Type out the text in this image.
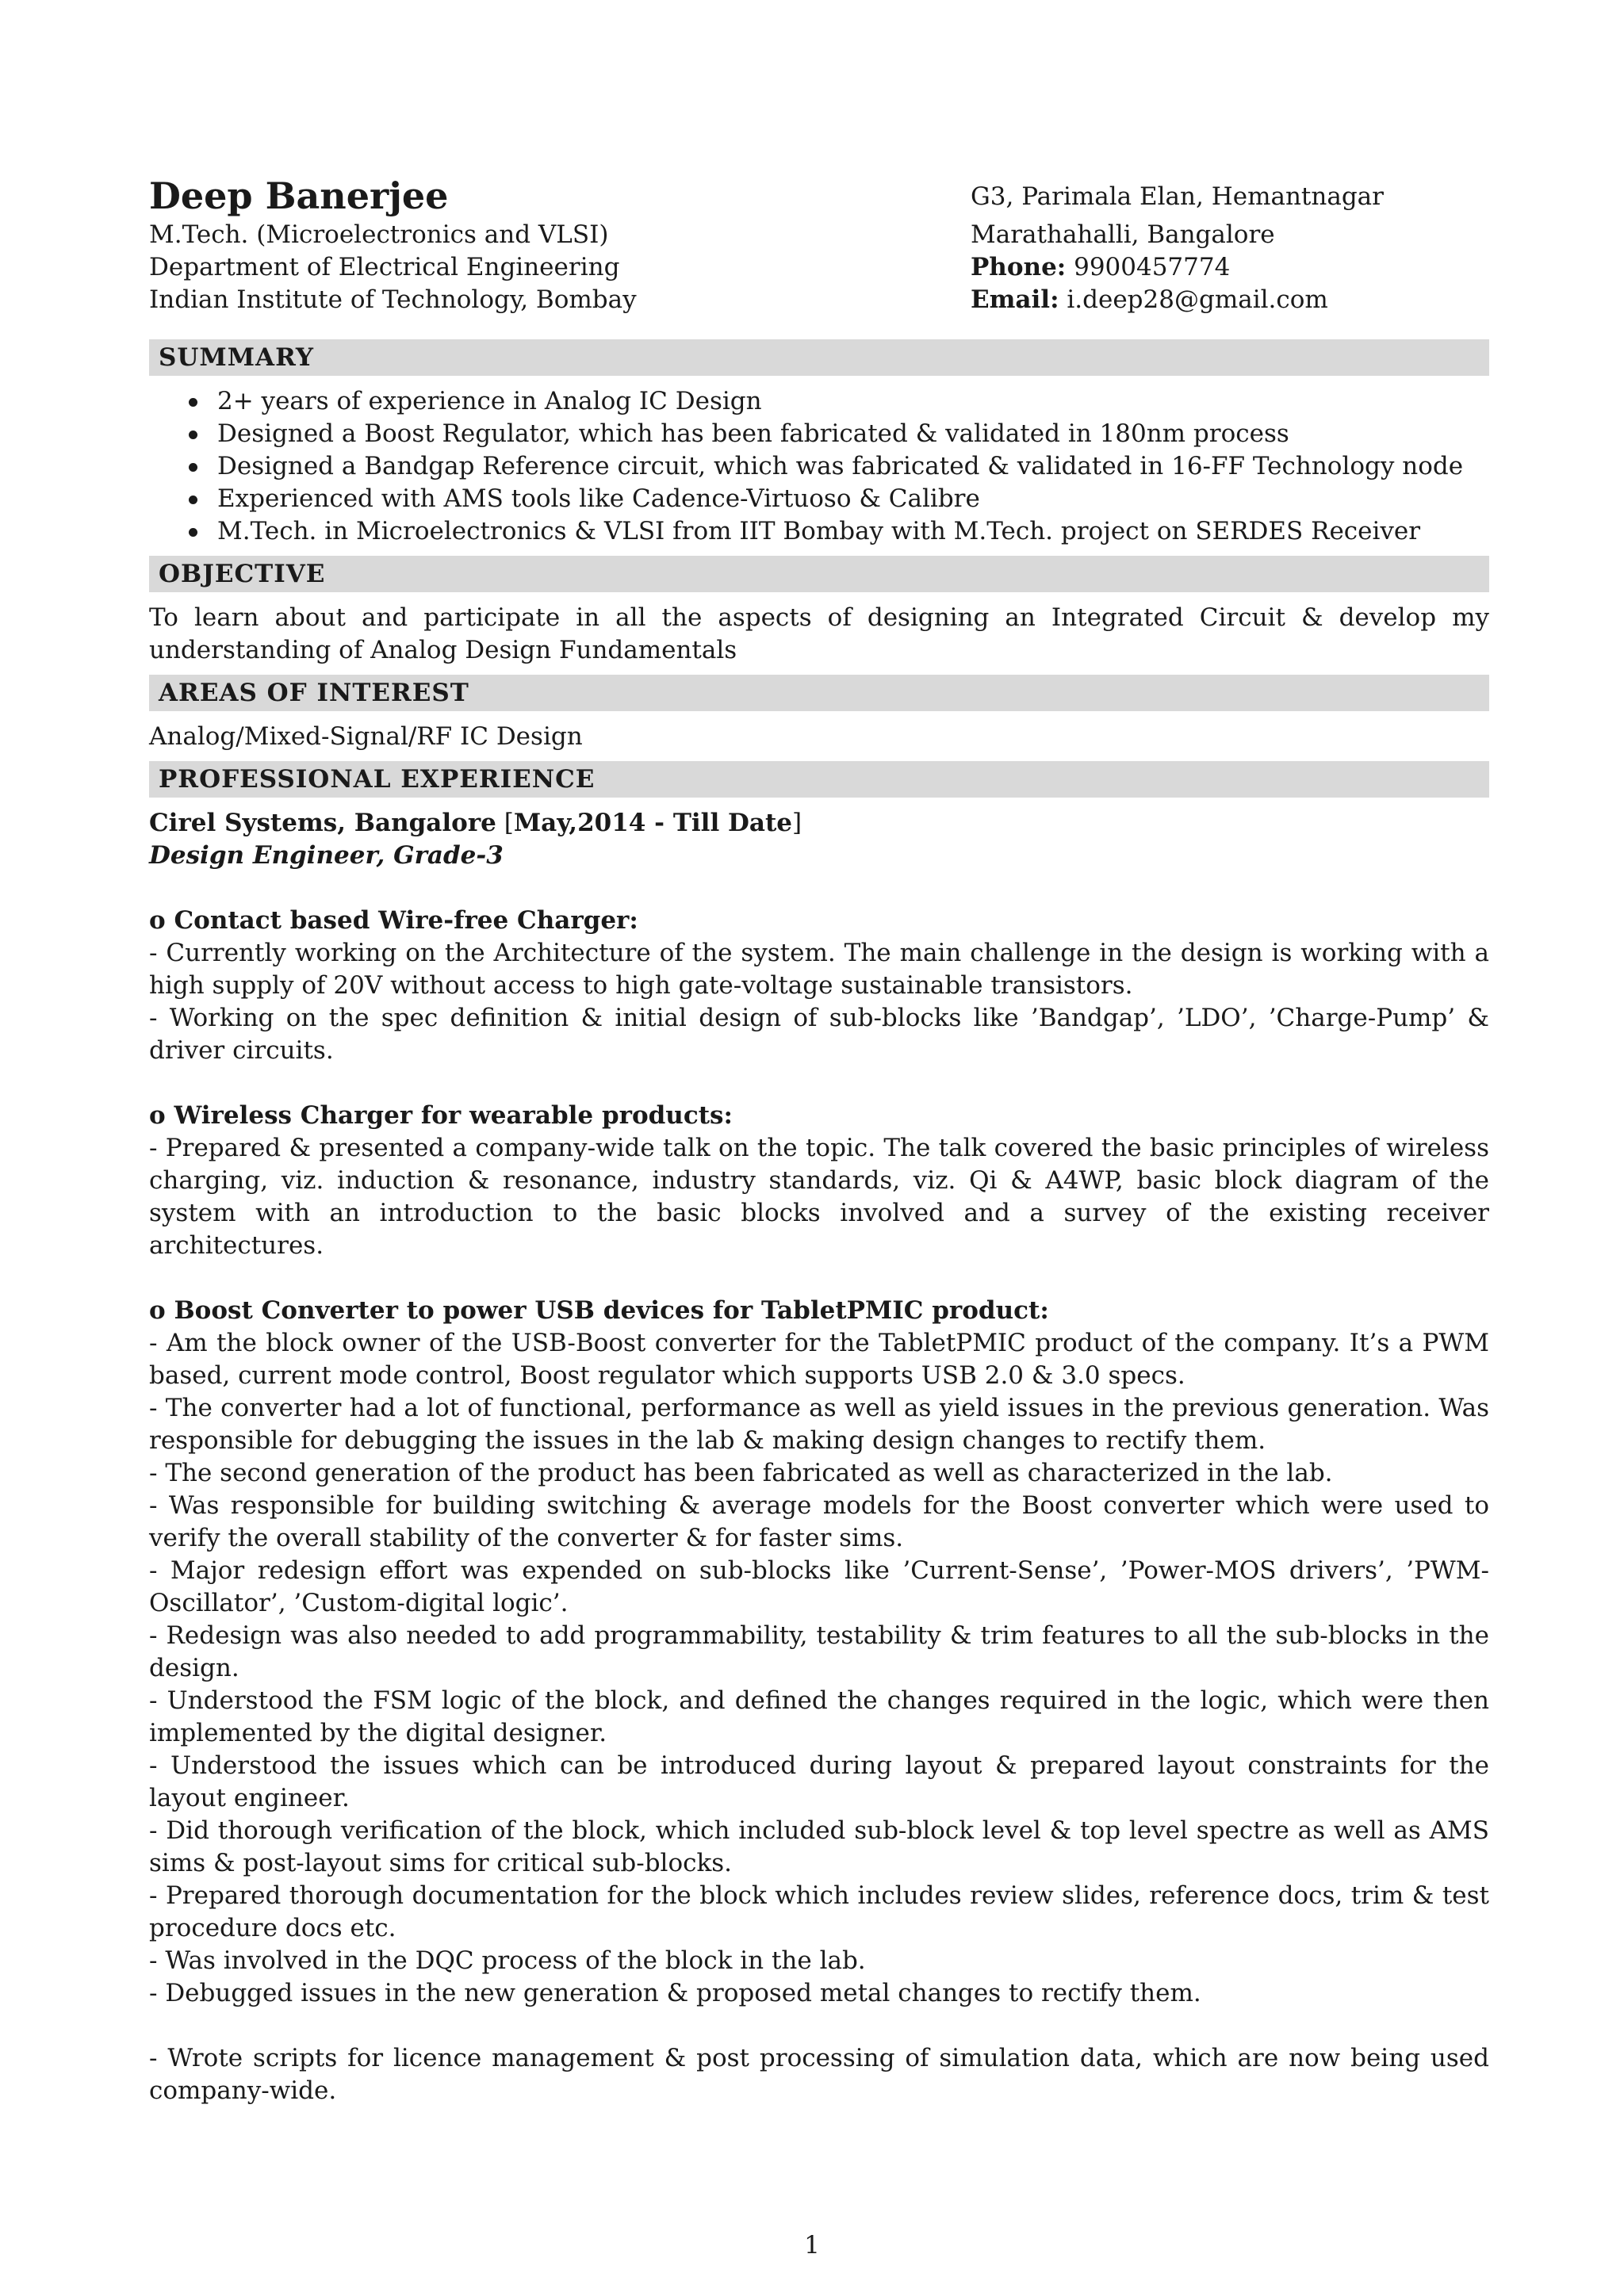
Deep Banerjee
M.Tech. (Microelectronics and VLSI)
Department of Electrical Engineering
Indian Institute of Technology, Bombay
G3, Parimala Elan, Hemantnagar
Marathahalli, Bangalore
Phone: 9900457774
Email: i.deep28@gmail.com
SUMMARY
2+ years of experience in Analog IC Design
Designed a Boost Regulator, which has been fabricated & validated in 180nm process
Designed a Bandgap Reference circuit, which was fabricated & validated in 16-FF Technology node
Experienced with AMS tools like Cadence-Virtuoso & Calibre
M.Tech. in Microelectronics & VLSI from IIT Bombay with M.Tech. project on SERDES Receiver
OBJECTIVE
To learn about and participate in all the aspects of designing an Integrated Circuit & develop my understanding of Analog Design Fundamentals
AREAS OF INTEREST
Analog/Mixed-Signal/RF IC Design
PROFESSIONAL EXPERIENCE
Cirel Systems, Bangalore [May,2014 - Till Date]
Design Engineer, Grade-3
o Contact based Wire-free Charger:
- Currently working on the Architecture of the system. The main challenge in the design is working with a high supply of 20V without access to high gate-voltage sustainable transistors.
- Working on the spec definition & initial design of sub-blocks like ’Bandgap’, ’LDO’, ’Charge-Pump’ & driver circuits.
o Wireless Charger for wearable products:
- Prepared & presented a company-wide talk on the topic. The talk covered the basic principles of wireless charging, viz. induction & resonance, industry standards, viz. Qi & A4WP, basic block diagram of the system with an introduction to the basic blocks involved and a survey of the existing receiver architectures.
o Boost Converter to power USB devices for TabletPMIC product:
- Am the block owner of the USB-Boost converter for the TabletPMIC product of the company. It’s a PWM based, current mode control, Boost regulator which supports USB 2.0 & 3.0 specs.
- The converter had a lot of functional, performance as well as yield issues in the previous generation. Was responsible for debugging the issues in the lab & making design changes to rectify them.
- The second generation of the product has been fabricated as well as characterized in the lab.
- Was responsible for building switching & average models for the Boost converter which were used to verify the overall stability of the converter & for faster sims.
- Major redesign effort was expended on sub-blocks like ’Current-Sense’, ’Power-MOS drivers’, ’PWM-Oscillator’, ’Custom-digital logic’.
- Redesign was also needed to add programmability, testability & trim features to all the sub-blocks in the design.
- Understood the FSM logic of the block, and defined the changes required in the logic, which were then implemented by the digital designer.
- Understood the issues which can be introduced during layout & prepared layout constraints for the layout engineer.
- Did thorough verification of the block, which included sub-block level & top level spectre as well as AMS sims & post-layout sims for critical sub-blocks.
- Prepared thorough documentation for the block which includes review slides, reference docs, trim & test procedure docs etc.
- Was involved in the DQC process of the block in the lab.
- Debugged issues in the new generation & proposed metal changes to rectify them.
- Wrote scripts for licence management & post processing of simulation data, which are now being used company-wide.
1
